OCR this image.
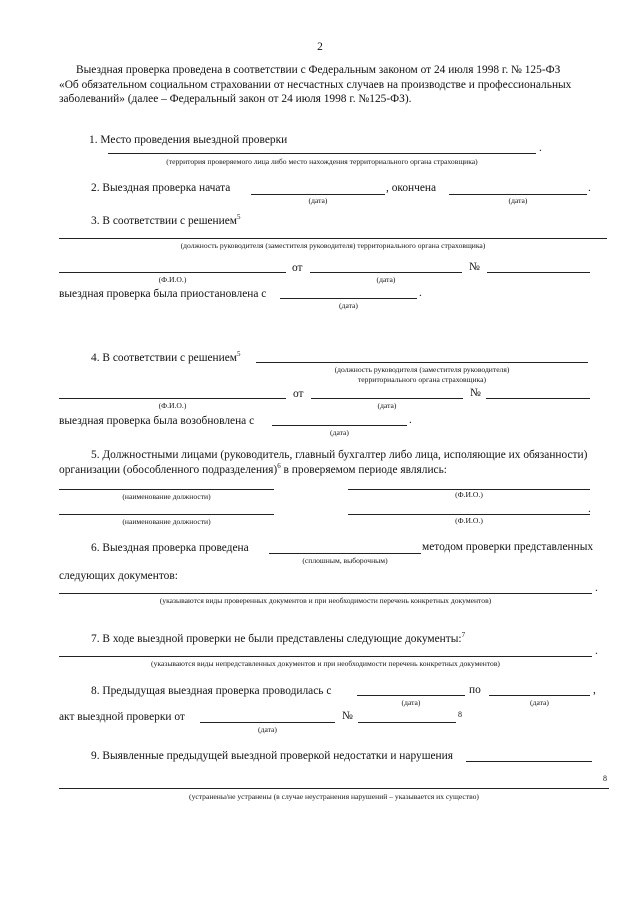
2
Выездная проверка проведена в соответствии с Федеральным законом от 24 июля 1998 г. № 125-ФЗ
«Об обязательном социальном страховании от несчастных случаев на производстве и профессиональных
заболеваний» (далее – Федеральный закон от 24 июля 1998 г. №125-ФЗ).
1. Место проведения выездной проверки
.
(территория проверяемого лица либо место нахождения территориального органа страховщика)
2. Выездная проверка начата	, окончена	.
(дата)	(дата)
3. В соответствии с решением$^5$
(должность руководителя (заместителя руководителя) территориального органа страховщика)
от	№
(Ф.И.О.)	(дата)
выездная проверка была приостановлена с	.
(дата)
4. В соответствии с решением$^5$
(должность руководителя (заместителя руководителя)
территориального органа страховщика)
от	№
(Ф.И.О.)	(дата)
выездная проверка была возобновлена с	.
(дата)
5. Должностными лицами (руководитель, главный бухгалтер либо лица, исполяющие их обязанности)
организации (обособленного подразделения)$^6$ в проверяемом периоде являлись:
(наименование должности)	(Ф.И.О.)
.
(наименование должности)	(Ф.И.О.)
6. Выездная проверка проведена	методом проверки представленных
(сплошным, выборочным)
следующих документов:
.
(указываются виды проверенных документов и при необходимости перечень конкретных документов)
7. В ходе выездной проверки не были представлены следующие документы:$^7$
.
(указываются виды непредставленных документов и при необходимости перечень конкретных документов)
8. Предыдущая выездная проверка проводилась с	по	,
(дата)	(дата)
акт выездной проверки от	№	8
(дата)
9. Выявленные предыдущей выездной проверкой недостатки и нарушения
8
(устранены/не устранены (в случае неустранения нарушений – указывается их существо)
